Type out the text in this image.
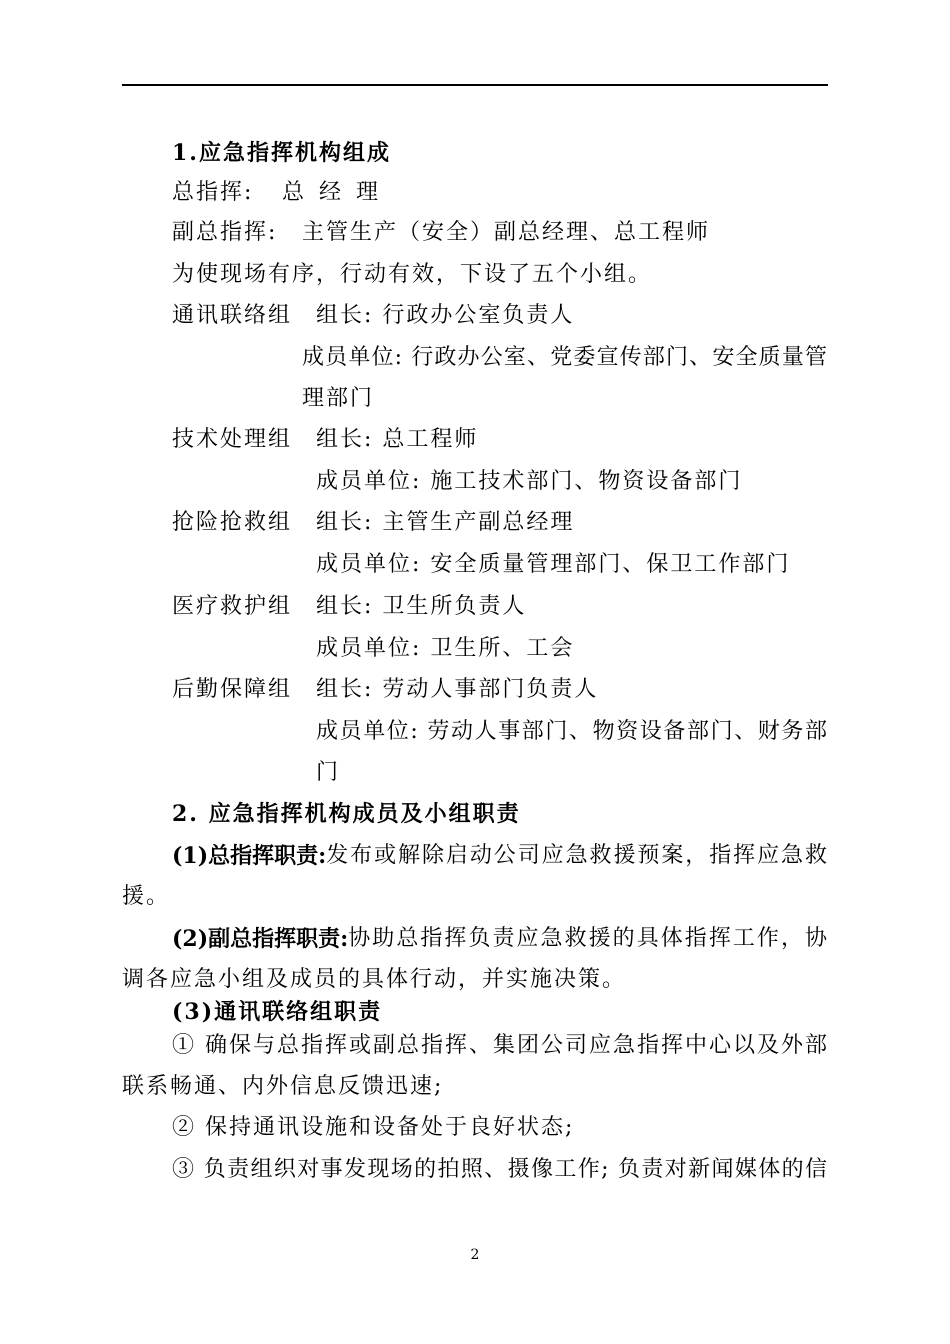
1.应急指挥机构组成
总指挥: 总 经 理
副总指挥: 主管生产（安全）副总经理、总工程师
为使现场有序，行动有效，下设了五个小组。
通讯联络组 组长: 行政办公室负责人
成员单位: 行政办公室、党委宣传部门、安全质量管
理部门
技术处理组 组长: 总工程师
成员单位: 施工技术部门、物资设备部门
抢险抢救组 组长: 主管生产副总经理
成员单位: 安全质量管理部门、保卫工作部门
医疗救护组 组长: 卫生所负责人
成员单位: 卫生所、工会
后勤保障组 组长: 劳动人事部门负责人
成员单位: 劳动人事部门、物资设备部门、财务部
门
2. 应急指挥机构成员及小组职责
(1)总指挥职责: 发布或解除启动公司应急救援预案，指挥应急救
援。
(2)副总指挥职责: 协助总指挥负责应急救援的具体指挥工作，协
调各应急小组及成员的具体行动，并实施决策。
(3)通讯联络组职责
① 确保与总指挥或副总指挥、集团公司应急指挥中心以及外部
联系畅通、内外信息反馈迅速;
② 保持通讯设施和设备处于良好状态;
③ 负责组织对事发现场的拍照、摄像工作; 负责对新闻媒体的信
2
